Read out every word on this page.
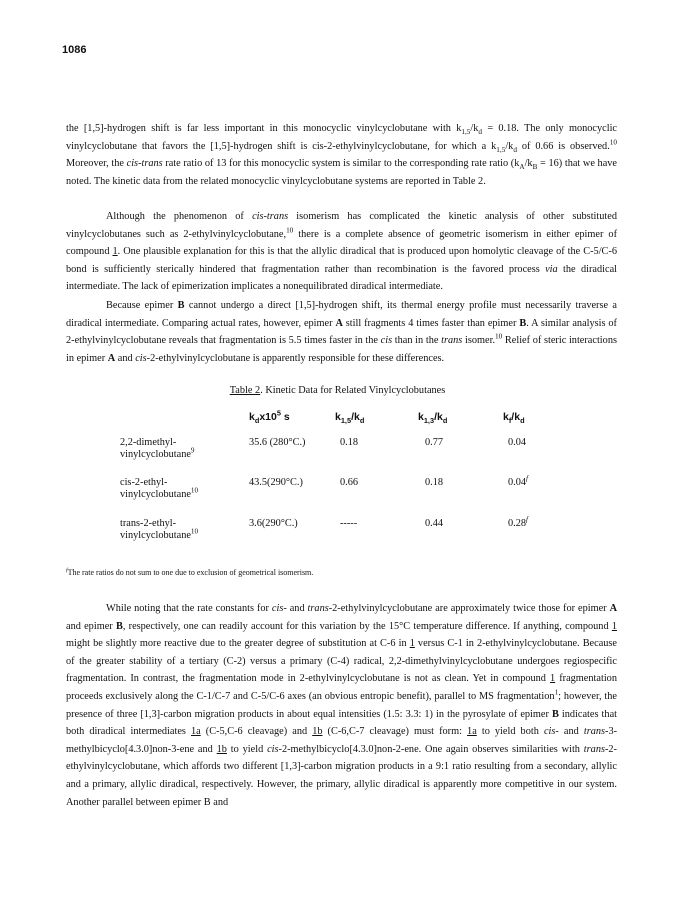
1086

the [1,5]-hydrogen shift is far less important in this monocyclic vinylcyclobutane with $k_{1,5}/k_d = 0.18$. The only monocyclic vinylcyclobutane that favors the [1,5]-hydrogen shift is cis-2-ethylvinylcyclobutane, for which a $k_{1,5}/k_d$ of 0.66 is observed.$^{10}$ Moreover, the cis-trans rate ratio of 13 for this monocyclic system is similar to the corresponding rate ratio $(k_A/k_B = 16)$ that we have noted. The kinetic data from the related monocyclic vinylcyclobutane systems are reported in Table 2.

Although the phenomenon of cis-trans isomerism has complicated the kinetic analysis of other substituted vinylcyclobutanes such as 2-ethylvinylcyclobutane,$^{10}$ there is a complete absence of geometric isomerism in either epimer of compound 1. One plausible explanation for this is that the allylic diradical that is produced upon homolytic cleavage of the C-5/C-6 bond is sufficiently sterically hindered that fragmentation rather than recombination is the favored process via the diradical intermediate. The lack of epimerization implicates a nonequilibrated diradical intermediate.

Because epimer B cannot undergo a direct [1,5]-hydrogen shift, its thermal energy profile must necessarily traverse a diradical intermediate. Comparing actual rates, however, epimer A still fragments 4 times faster than epimer B. A similar analysis of 2-ethylvinylcyclobutane reveals that fragmentation is 5.5 times faster in the cis than in the trans isomer.$^{10}$ Relief of steric interactions in epimer A and cis-2-ethylvinylcyclobutane is apparently responsible for these differences.

Table 2. Kinetic Data for Related Vinylcyclobutanes
$k_dx10^5$ s	$k_{1,5}/k_d$	$k_{1,3}/k_d$	$k_f/k_d$
2,2-dimethyl-
vinylcyclobutane$^9$
35.6 (280°C.)	0.18	0.77	0.04
cis-2-ethyl-
vinylcyclobutane$^{10}$
43.5(290°C.)	0.66	0.18	0.04$^f$
trans-2-ethyl-
vinylcyclobutane$^{10}$
3.6(290°C.)	-----	0.44	0.28$^f$
$^f$The rate ratios do not sum to one due to exclusion of geometrical isomerism.

While noting that the rate constants for cis- and trans-2-ethylvinylcyclobutane are approximately twice those for epimer A and epimer B, respectively, one can readily account for this variation by the 15°C temperature difference. If anything, compound 1 might be slightly more reactive due to the greater degree of substitution at C-6 in 1 versus C-1 in 2-ethylvinylcyclobutane. Because of the greater stability of a tertiary (C-2) versus a primary (C-4) radical, 2,2-dimethylvinylcyclobutane undergoes regiospecific fragmentation. In contrast, the fragmentation mode in 2-ethylvinylcyclobutane is not as clean. Yet in compound 1 fragmentation proceeds exclusively along the C-1/C-7 and C-5/C-6 axes (an obvious entropic benefit), parallel to MS fragmentation$^1$; however, the presence of three [1,3]-carbon migration products in about equal intensities (1.5: 3.3: 1) in the pyrosylate of epimer B indicates that both diradical intermediates 1a (C-5,C-6 cleavage) and 1b (C-6,C-7 cleavage) must form: 1a to yield both cis- and trans-3-methylbicyclo[4.3.0]non-3-ene and 1b to yield cis-2-methylbicyclo[4.3.0]non-2-ene. One again observes similarities with trans-2-ethylvinylcyclobutane, which affords two different [1,3]-carbon migration products in a 9:1 ratio resulting from a secondary, allylic and a primary, allylic diradical, respectively. However, the primary, allylic diradical is apparently more competitive in our system. Another parallel between epimer B and
